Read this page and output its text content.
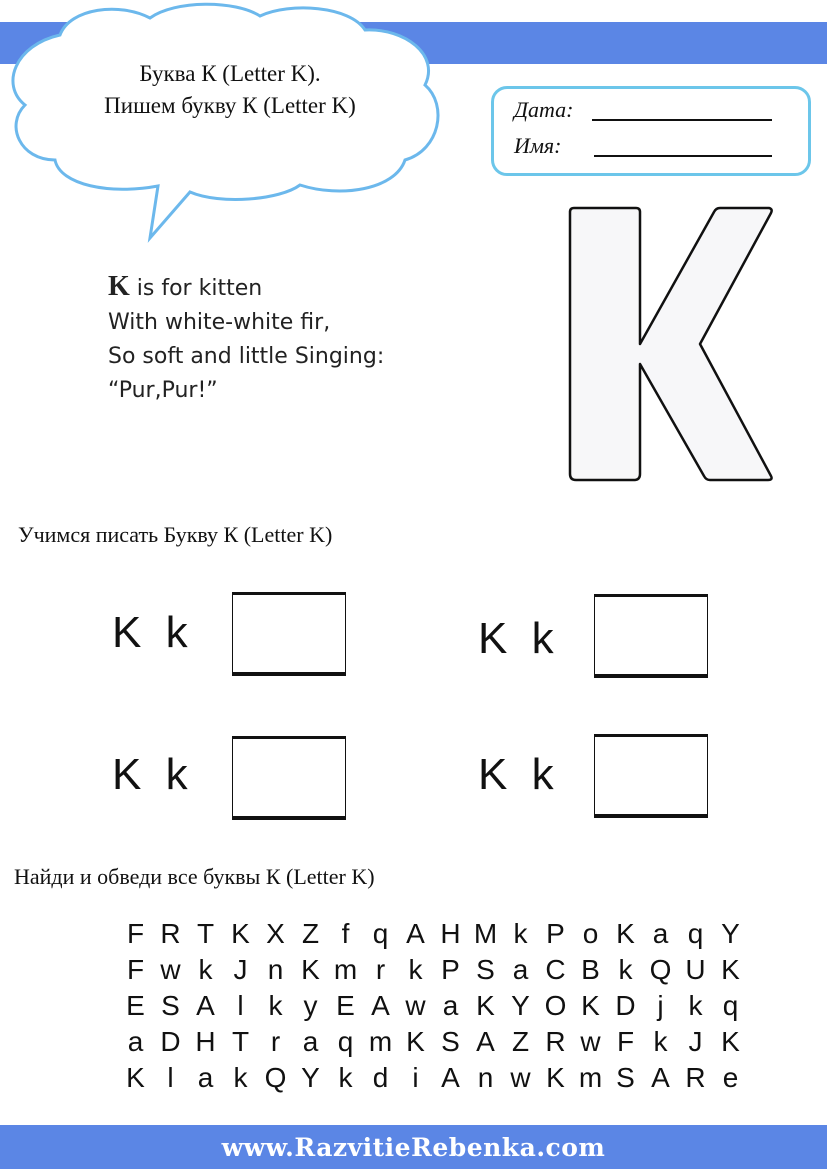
Буква К (Letter K).
Пишем букву К (Letter K)	Дата:
Имя:
K is for kitten
With white-white fir,
So soft and little Singing:
“Pur,Pur!”
Учимся писать Букву К (Letter K)
K k	K k
K k	K k
Найди и обведи все буквы К (Letter K)
F R T K X Z f q A H M k P o K a q Y
F w k J n K m r k P S a C B k Q U K
E S A l k y E A w a K Y O K D j k q
a D H T r a q m K S A Z R w F k J K
K l a k Q Y k d i A n w K m S A R e
www.RazvitieRebenka.com
